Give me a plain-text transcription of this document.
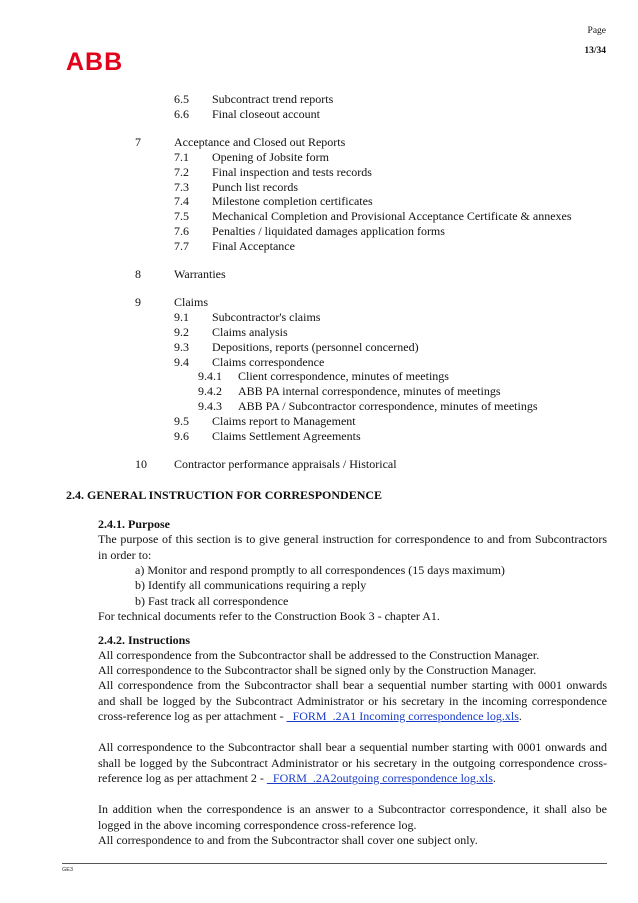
ABB
Page
13/34
6.5 Subcontract trend reports
6.6 Final closeout account
7	Acceptance and Closed out Reports
7.1 Opening of Jobsite form
7.2 Final inspection and tests records
7.3 Punch list records
7.4 Milestone completion certificates
7.5 Mechanical Completion and Provisional Acceptance Certificate & annexes
7.6 Penalties / liquidated damages application forms
7.7 Final Acceptance
8	Warranties
9	Claims
9.1 Subcontractor's claims
9.2 Claims analysis
9.3 Depositions, reports (personnel concerned)
9.4 Claims correspondence
9.4.1 Client correspondence, minutes of meetings
9.4.2 ABB PA internal correspondence, minutes of meetings
9.4.3 ABB PA / Subcontractor correspondence, minutes of meetings
9.5 Claims report to Management
9.6 Claims Settlement Agreements
10 Contractor performance appraisals / Historical
2.4. GENERAL INSTRUCTION FOR CORRESPONDENCE
2.4.1. Purpose
The purpose of this section is to give general instruction for correspondence to and from Subcontractors in order to:
a) Monitor and respond promptly to all correspondences (15 days maximum)
b) Identify all communications requiring a reply
b) Fast track all correspondence
For technical documents refer to the Construction Book 3 - chapter A1.
2.4.2. Instructions
All correspondence from the Subcontractor shall be addressed to the Construction Manager.
All correspondence to the Subcontractor shall be signed only by the Construction Manager.
All correspondence from the Subcontractor shall bear a sequential number starting with 0001 onwards and shall be logged by the Subcontract Administrator or his secretary in the incoming correspondence cross-reference log as per attachment - _FORM_.2A1 Incoming correspondence log.xls.
All correspondence to the Subcontractor shall bear a sequential number starting with 0001 onwards and shall be logged by the Subcontract Administrator or his secretary in the outgoing correspondence cross-reference log as per attachment 2 - _FORM_.2A2outgoing correspondence log.xls.
In addition when the correspondence is an answer to a Subcontractor correspondence, it shall also be logged in the above incoming correspondence cross-reference log.
All correspondence to and from the Subcontractor shall cover one subject only.
GE3
